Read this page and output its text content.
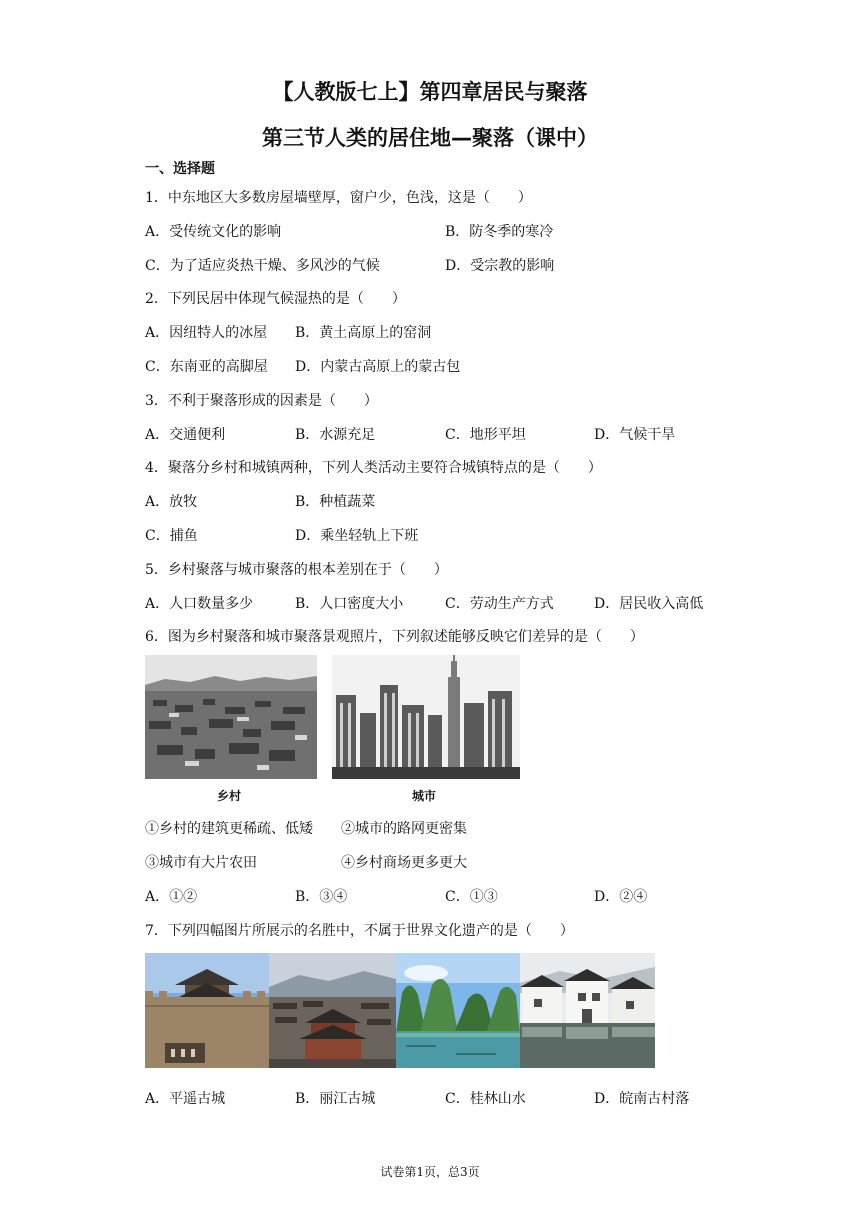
【人教版七上】第四章居民与聚落
第三节人类的居住地—聚落（课中）
一、选择题
1．中东地区大多数房屋墙壁厚，窗户少，色浅，这是（　　）
A．受传统文化的影响	B．防冬季的寒冷
C．为了适应炎热干燥、多风沙的气候	D．受宗教的影响
2．下列民居中体现气候湿热的是（　　）
A．因纽特人的冰屋 B．黄土高原上的窑洞
C．东南亚的高脚屋 D．内蒙古高原上的蒙古包
3．不利于聚落形成的因素是（　　）
A．交通便利	B．水源充足	C．地形平坦	D．气候干旱
4．聚落分乡村和城镇两种，下列人类活动主要符合城镇特点的是（　　）
A．放牧	B．种植蔬菜
C．捕鱼	D．乘坐轻轨上下班
5．乡村聚落与城市聚落的根本差别在于（　　）
A．人口数量多少	B．人口密度大小	C．劳动生产方式	D．居民收入高低
6．图为乡村聚落和城市聚落景观照片，下列叙述能够反映它们差异的是（　　）
乡村	城市
①乡村的建筑更稀疏、低矮 ②城市的路网更密集
③城市有大片农田	④乡村商场更多更大
A．①②	B．③④	C．①③	D．②④
7．下列四幅图片所展示的名胜中，不属于世界文化遗产的是（　　）
A．平遥古城	B．丽江古城	C．桂林山水	D．皖南古村落
试卷第1页，总3页
